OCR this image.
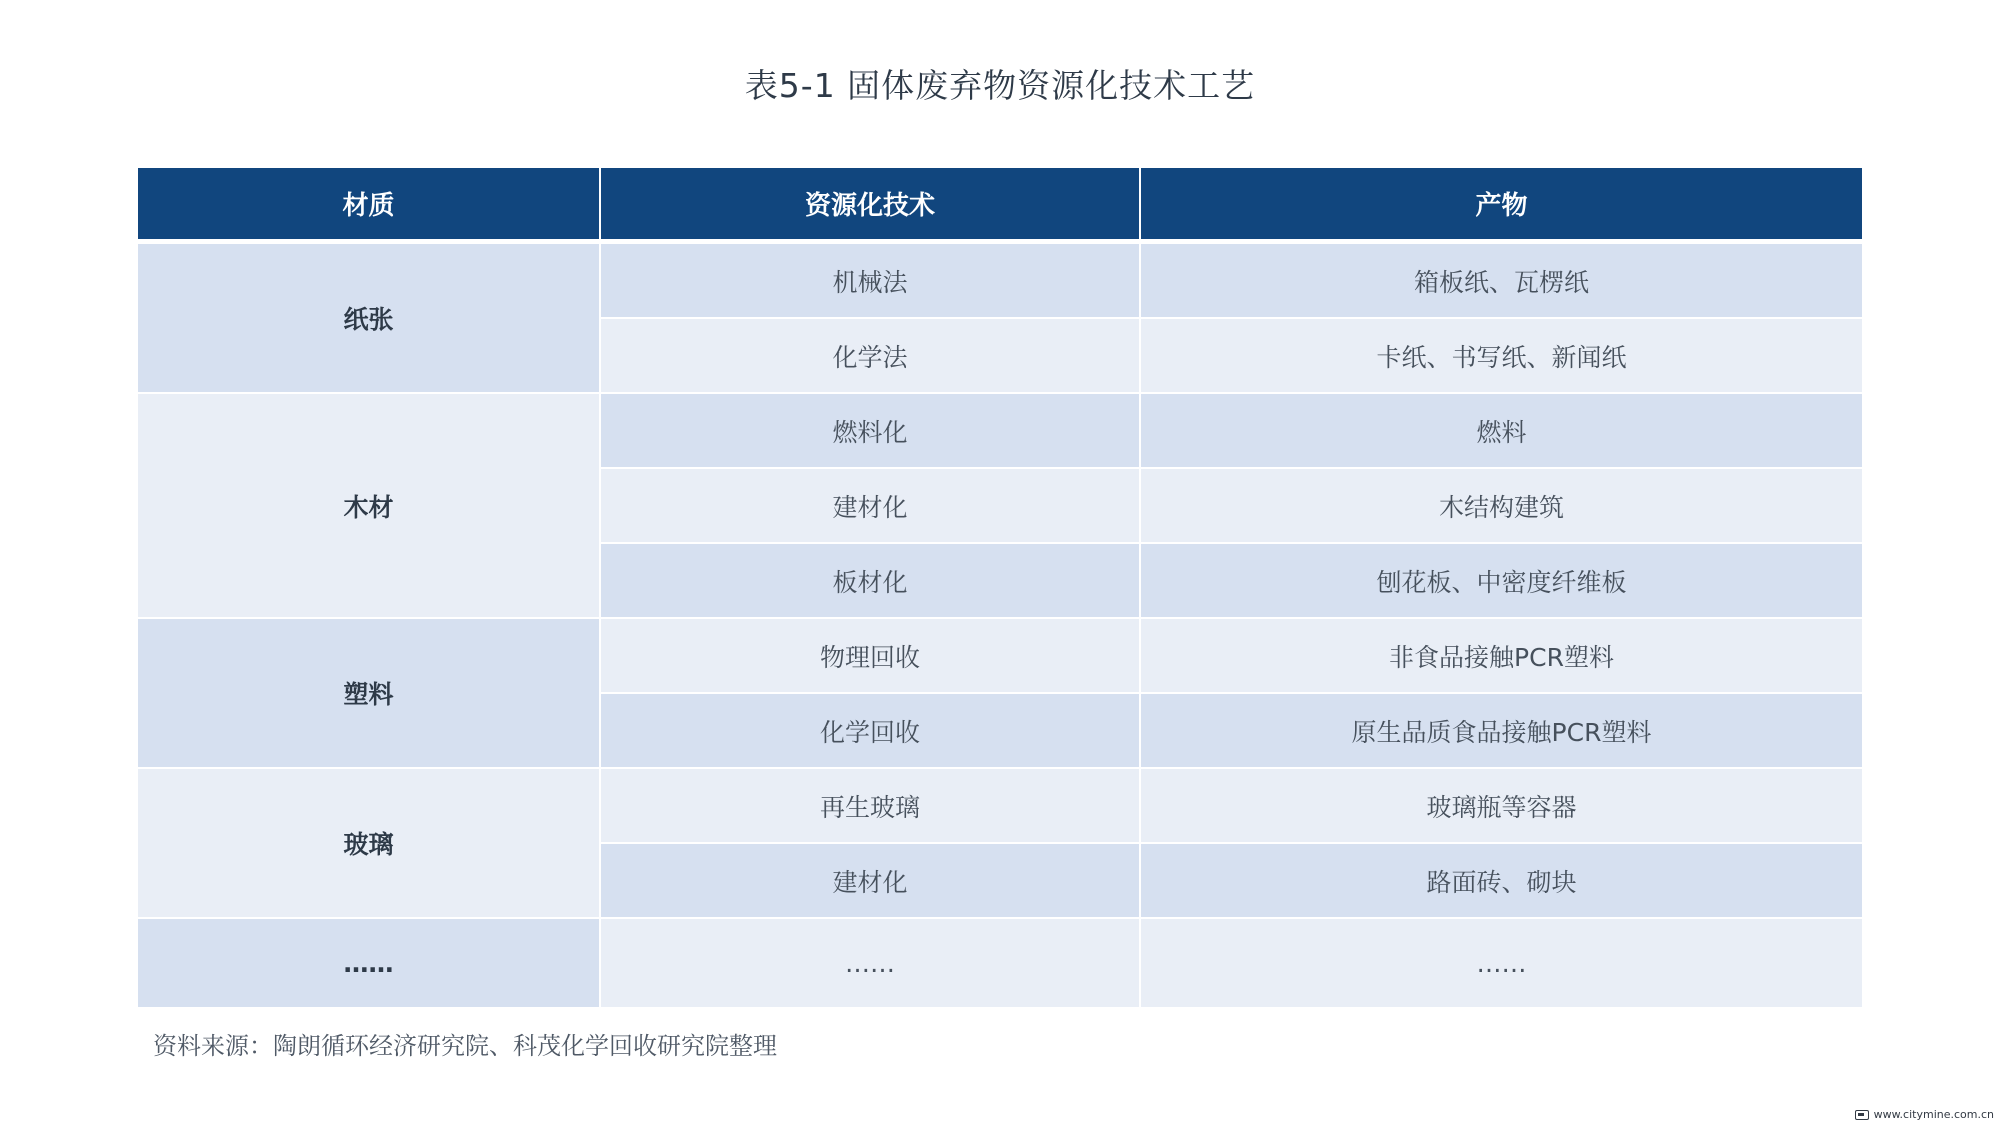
表5-1 固体废弃物资源化技术工艺
材质	资源化技术	产物
纸张	机械法	箱板纸、瓦楞纸
	化学法	卡纸、书写纸、新闻纸
木材	燃料化	燃料
	建材化	木结构建筑
	板材化	刨花板、中密度纤维板
塑料	物理回收	非食品接触PCR塑料
	化学回收	原生品质食品接触PCR塑料
玻璃	再生玻璃	玻璃瓶等容器
	建材化	路面砖、砌块
……	……	……
资料来源：陶朗循环经济研究院、科茂化学回收研究院整理
www.citymine.com.cn
